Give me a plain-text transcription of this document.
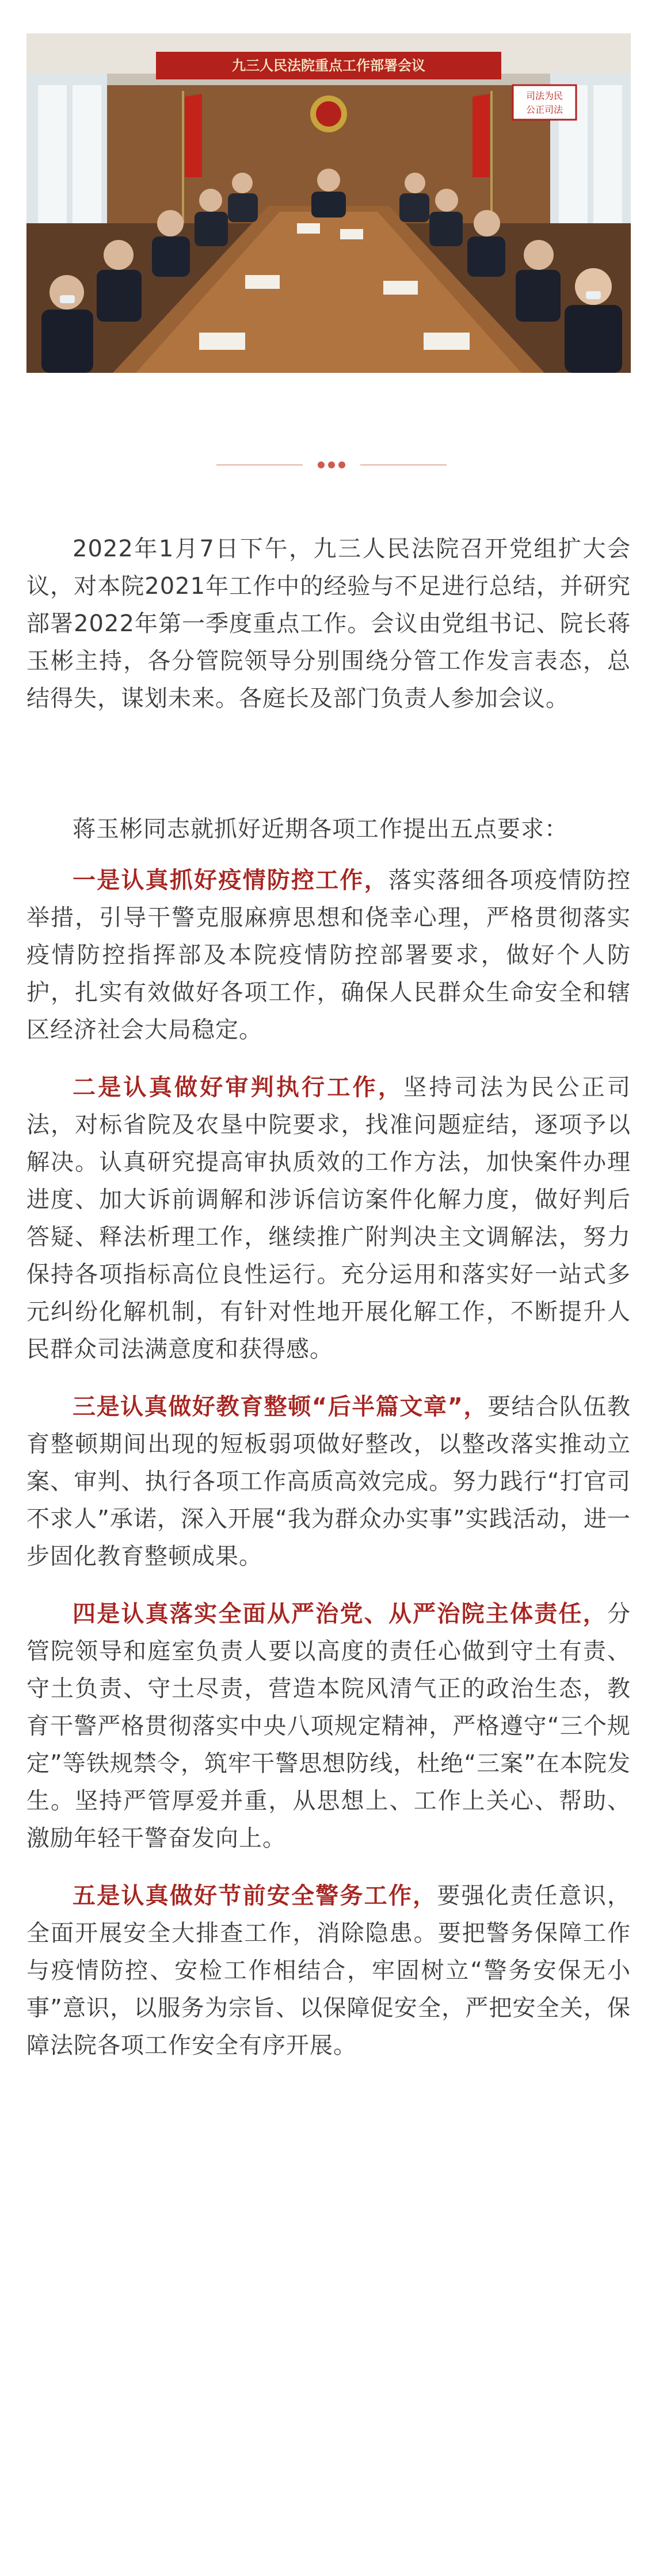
九三人民法院重点工作部署会议
司法为民
公正司法

2022年1月7日下午，九三人民法院召开党组扩大会议，对本院2021年工作中的经验与不足进行总结，并研究部署2022年第一季度重点工作。会议由党组书记、院长蒋玉彬主持，各分管院领导分别围绕分管工作发言表态，总结得失，谋划未来。各庭长及部门负责人参加会议。

蒋玉彬同志就抓好近期各项工作提出五点要求：

一是认真抓好疫情防控工作，落实落细各项疫情防控举措，引导干警克服麻痹思想和侥幸心理，严格贯彻落实疫情防控指挥部及本院疫情防控部署要求，做好个人防护，扎实有效做好各项工作，确保人民群众生命安全和辖区经济社会大局稳定。

二是认真做好审判执行工作，坚持司法为民公正司法，对标省院及农垦中院要求，找准问题症结，逐项予以解决。认真研究提高审执质效的工作方法，加快案件办理进度、加大诉前调解和涉诉信访案件化解力度，做好判后答疑、释法析理工作，继续推广附判决主文调解法，努力保持各项指标高位良性运行。充分运用和落实好一站式多元纠纷化解机制，有针对性地开展化解工作，不断提升人民群众司法满意度和获得感。

三是认真做好教育整顿“后半篇文章”，要结合队伍教育整顿期间出现的短板弱项做好整改，以整改落实推动立案、审判、执行各项工作高质高效完成。努力践行“打官司不求人”承诺，深入开展“我为群众办实事”实践活动，进一步固化教育整顿成果。

四是认真落实全面从严治党、从严治院主体责任，分管院领导和庭室负责人要以高度的责任心做到守土有责、守土负责、守土尽责，营造本院风清气正的政治生态，教育干警严格贯彻落实中央八项规定精神，严格遵守“三个规定”等铁规禁令，筑牢干警思想防线，杜绝“三案”在本院发生。坚持严管厚爱并重，从思想上、工作上关心、帮助、激励年轻干警奋发向上。

五是认真做好节前安全警务工作，要强化责任意识，全面开展安全大排查工作，消除隐患。要把警务保障工作与疫情防控、安检工作相结合，牢固树立“警务安保无小事”意识，以服务为宗旨、以保障促安全，严把安全关，保障法院各项工作安全有序开展。
